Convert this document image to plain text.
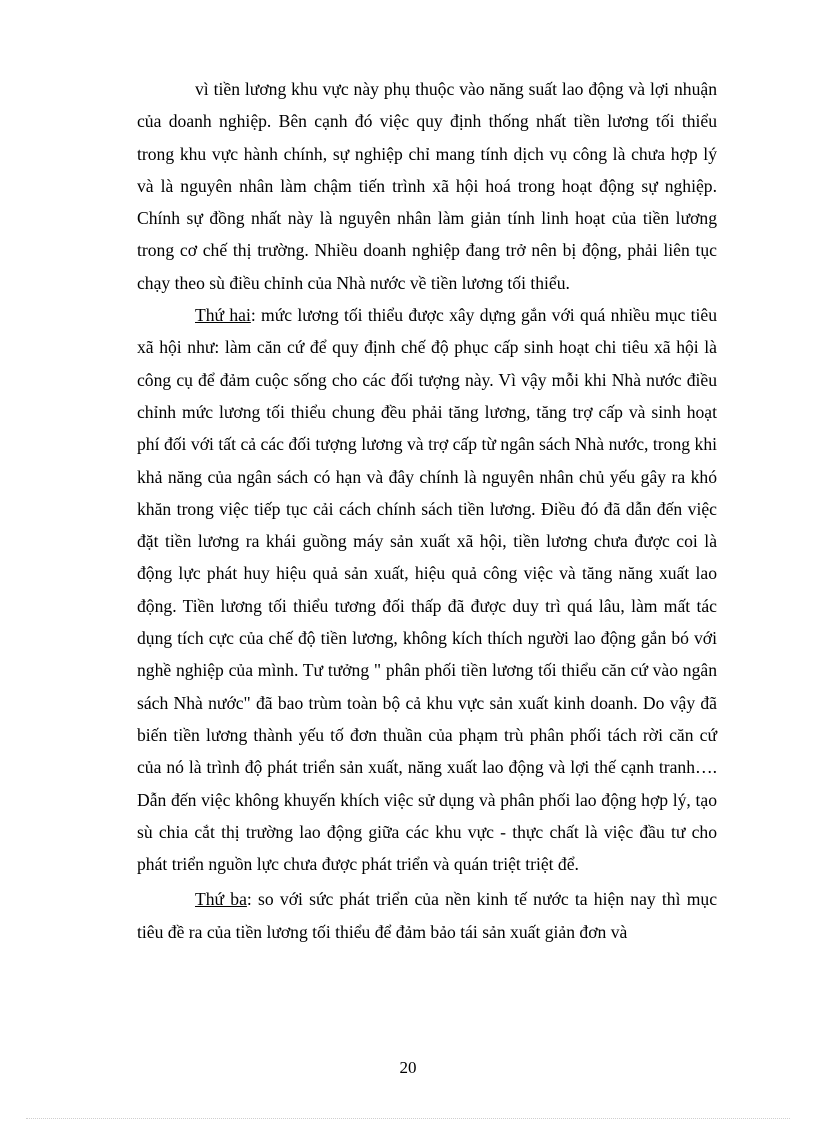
vì tiền lương khu vực này phụ thuộc vào năng suất lao động và lợi nhuận của doanh nghiệp. Bên cạnh đó việc quy định thống nhất tiền lương tối thiểu trong khu vực hành chính, sự nghiệp chỉ mang tính dịch vụ công là chưa hợp lý và là nguyên nhân làm chậm tiến trình xã hội hoá trong hoạt động sự nghiệp. Chính sự đồng nhất này là nguyên nhân làm giản tính linh hoạt của tiền lương trong cơ chế thị trường. Nhiều doanh nghiệp đang trở nên bị động, phải liên tục chạy theo sù điều chỉnh của Nhà nước về tiền lương tối thiểu.

Thứ hai: mức lương tối thiểu được xây dựng gắn với quá nhiều mục tiêu xã hội như: làm căn cứ để quy định chế độ phục cấp sinh hoạt chi tiêu xã hội là công cụ để đảm cuộc sống cho các đối tượng này. Vì vậy mỗi khi Nhà nước điều chỉnh mức lương tối thiểu chung đều phải tăng lương, tăng trợ cấp và sinh hoạt phí đối với tất cả các đối tượng lương và trợ cấp từ ngân sách Nhà nước, trong khi khả năng của ngân sách có hạn và đây chính là nguyên nhân chủ yếu gây ra khó khăn trong việc tiếp tục cải cách chính sách tiền lương. Điều đó đã dẫn đến việc đặt tiền lương ra khái guồng máy sản xuất xã hội, tiền lương chưa được coi là động lực phát huy hiệu quả sản xuất, hiệu quả công việc và tăng năng xuất lao động. Tiền lương tối thiểu tương đối thấp đã được duy trì quá lâu, làm mất tác dụng tích cực của chế độ tiền lương, không kích thích người lao động gắn bó với nghề nghiệp của mình. Tư tưởng " phân phối tiền lương tối thiểu căn cứ vào ngân sách Nhà nước" đã bao trùm toàn bộ cả khu vực sản xuất kinh doanh. Do vậy đã biến tiền lương thành yếu tố đơn thuần của phạm trù phân phối tách rời căn cứ của nó là trình độ phát triển sản xuất, năng xuất lao động và lợi thế cạnh tranh…. Dẫn đến việc không khuyến khích việc sử dụng và phân phối lao động hợp lý, tạo sù chia cắt thị trường lao động giữa các khu vực - thực chất là việc đầu tư cho phát triển nguồn lực chưa được phát triển và quán triệt triệt để.

Thứ ba: so với sức phát triển của nền kinh tế nước ta hiện nay thì mục tiêu đề ra của tiền lương tối thiểu để đảm bảo tái sản xuất giản đơn và

20
